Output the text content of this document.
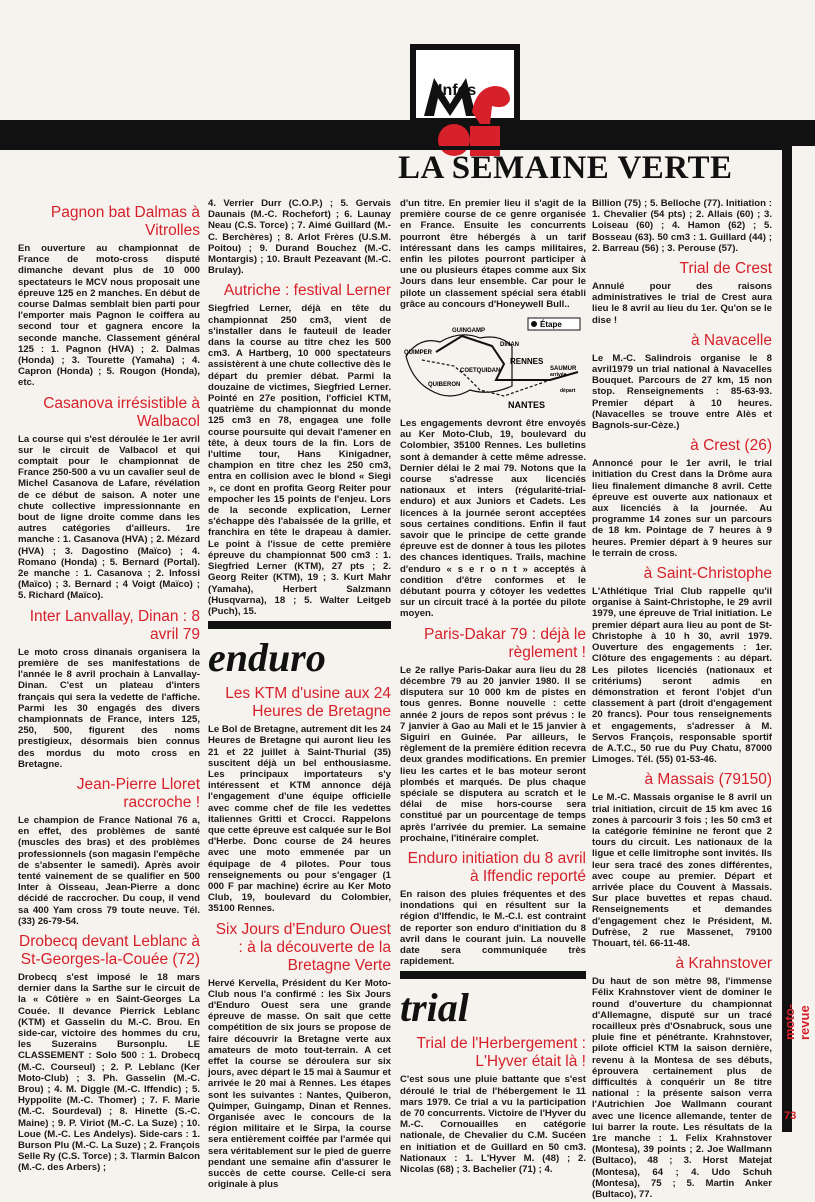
Infos
LA SEMAINE VERTE
Pagnon bat Dalmas à Vitrolles
En ouverture au championnat de France de moto-cross disputé dimanche devant plus de 10 000 spectateurs le MCV nous proposait une épreuve 125 en 2 manches. En début de course Dalmas semblait bien parti pour l'emporter mais Pagnon le coiffera au second tour et gagnera encore la seconde manche. Classement général 125 : 1. Pagnon (HVA) ; 2. Dalmas (Honda) ; 3. Tourette (Yamaha) ; 4. Capron (Honda) ; 5. Rougon (Honda), etc.
Casanova irrésistible à Walbacol
La course qui s'est déroulée le 1er avril sur le circuit de Valbacol et qui comptait pour le championnat de France 250-500 a vu un cavalier seul de Michel Casanova de Lafare, révélation de ce début de saison. A noter une chute collective impressionnante en bout de ligne droite comme dans les autres catégories d'ailleurs. 1re manche : 1. Casanova (HVA) ; 2. Mézard (HVA) ; 3. Dagostino (Maïco) ; 4. Romano (Honda) ; 5. Bernard (Portal). 2e manche : 1. Casanova ; 2. Infossi (Maïco) ; 3. Bernard ; 4 Voigt (Maïco) ; 5. Richard (Maïco).
Inter Lanvallay, Dinan : 8 avril 79
Le moto cross dinanais organisera la première de ses manifestations de l'année le 8 avril prochain à Lanvallay-Dinan. C'est un plateau d'inters français qui sera la vedette de l'affiche. Parmi les 30 engagés des divers championnats de France, inters 125, 250, 500, figurent des noms prestigieux, désormais bien connus des mordus du moto cross en Bretagne.
Jean-Pierre Lloret raccroche !
Le champion de France National 76 a, en effet, des problèmes de santé (muscles des bras) et des problèmes professionnels (son magasin l'empêche de s'absenter le samedi). Après avoir tenté vainement de se qualifier en 500 Inter à Oisseau, Jean-Pierre a donc décidé de raccrocher. Du coup, il vend sa 400 Yam cross 79 toute neuve. Tél. (33) 26-79-54.
Drobecq devant Leblanc à St-Georges-la-Couée (72)
Drobecq s'est imposé le 18 mars dernier dans la Sarthe sur le circuit de la « Côtière » en Saint-Georges La Couée. Il devance Pierrick Leblanc (KTM) et Gasselin du M.-C. Brou. En side-car, victoire des hommes du cru, les Suzerains Bursonplu. LE CLASSEMENT : Solo 500 : 1. Drobecq (M.-C. Courseul) ; 2. P. Leblanc (Ker Moto-Club) ; 3. Ph. Gasselin (M.-C. Brou) ; 4. M. Diggle (M.-C. Iffendic) ; 5. Hyppolite (M.-C. Thomer) ; 7. F. Marie (M.-C. Sourdeval) ; 8. Hinette (S.-C. Maine) ; 9. P. Viriot (M.-C. La Suze) ; 10. Loue (M.-C. Les Andelys). Side-cars : 1. Burson Plu (M.-C. La Suze) ; 2. François Selle Ry (C.S. Torce) ; 3. Tlarmin Balcon (M.-C. des Arbers) ;
4. Verrier Durr (C.O.P.) ; 5. Gervais Daunais (M.-C. Rochefort) ; 6. Launay Neau (C.S. Torce) ; 7. Aimé Guillard (M.-C. Berchères) ; 8. Arlot Frères (U.S.M. Poitou) ; 9. Durand Bouchez (M.-C. Montargis) ; 10. Brault Pezeavant (M.-C. Brulay).
Autriche : festival Lerner
Siegfried Lerner, déjà en tête du championnat 250 cm3, vient de s'installer dans le fauteuil de leader dans la course au titre chez les 500 cm3. A Hartberg, 10 000 spectateurs assistèrent à une chute collective dès le départ du premier débat. Parmi la douzaine de victimes, Siegfried Lerner. Pointé en 27e position, l'officiel KTM, quatrième du championnat du monde 125 cm3 en 78, engagea une folle course poursuite qui devait l'amener en tête, à deux tours de la fin. Lors de l'ultime tour, Hans Kinigadner, champion en titre chez les 250 cm3, entra en collision avec le blond « Siegi », ce dont en profita Georg Reiter pour empocher les 15 points de l'enjeu. Lors de la seconde explication, Lerner s'échappe dès l'abaissée de la grille, et franchira en tête le drapeau à damier. Le point à l'issue de cette première épreuve du championnat 500 cm3 : 1. Siegfried Lerner (KTM), 27 pts ; 2. Georg Reiter (KTM), 19 ; 3. Kurt Mahr (Yamaha), Herbert Salzmann (Husqvarna), 18 ; 5. Walter Leitgeb (Puch), 15.
enduro
Les KTM d'usine aux 24 Heures de Bretagne
Le Bol de Bretagne, autrement dit les 24 Heures de Bretagne qui auront lieu les 21 et 22 juillet à Saint-Thurial (35) suscitent déjà un bel enthousiasme. Les principaux importateurs s'y intéressent et KTM annonce déjà l'engagement d'une équipe officielle avec comme chef de file les vedettes italiennes Gritti et Crocci. Rappelons que cette épreuve est calquée sur le Bol d'Herbe. Donc course de 24 heures avec une moto emmenée par un équipage de 4 pilotes. Pour tous renseignements ou pour s'engager (1 000 F par machine) écrire au Ker Moto Club, 19, boulevard du Colombier, 35100 Rennes.
Six Jours d'Enduro Ouest : à la découverte de la Bretagne Verte
Hervé Kervella, Président du Ker Moto-Club nous l'a confirmé : les Six Jours d'Enduro Ouest sera une grande épreuve de masse. On sait que cette compétition de six jours se propose de faire découvrir la Bretagne verte aux amateurs de moto tout-terrain. A cet effet la course se déroulera sur six jours, avec départ le 15 mai à Saumur et arrivée le 20 mai à Rennes. Les étapes sont les suivantes : Nantes, Quiberon, Quimper, Guingamp, Dinan et Rennes. Organisée avec le concours de la région militaire et le Sirpa, la course sera entièrement coiffée par l'armée qui sera véritablement sur le pied de guerre pendant une semaine afin d'assurer le succès de cette course. Celle-ci sera originale à plus
d'un titre. En premier lieu il s'agit de la première course de ce genre organisée en France. Ensuite les concurrents pourront être hébergés à un tarif intéressant dans les camps militaires, enfin les pilotes pourront participer à une ou plusieurs étapes comme aux Six Jours dans leur ensemble. Car pour le pilote un classement spécial sera établi grâce au concours d'Honeywell Bull..
Étape
GUINGAMP
DINAN
QUIMPER
RENNES
arrivée
COETQUIDAN
QUIBERON
NANTES
SAUMUR
départ
Les engagements devront être envoyés au Ker Moto-Club, 19, boulevard du Colombier, 35100 Rennes. Les bulletins sont à demander à cette même adresse. Dernier délai le 2 mai 79. Notons que la course s'adresse aux licenciés nationaux et inters (régularité-trial-enduro) et aux Juniors et Cadets. Les licences à la journée seront acceptées sous certaines conditions. Enfin il faut savoir que le principe de cette grande épreuve est de donner à tous les pilotes des chances identiques. Trails, machine d'enduro « s e r o n t » acceptés à condition d'être conformes et le débutant pourra y côtoyer les vedettes sur un circuit tracé à la portée du pilote moyen.
Paris-Dakar 79 : déjà le règlement !
Le 2e rallye Paris-Dakar aura lieu du 28 décembre 79 au 20 janvier 1980. Il se disputera sur 10 000 km de pistes en tous genres. Bonne nouvelle : cette année 2 jours de repos sont prévus : le 7 janvier à Gao au Mali et le 15 janvier à Siguiri en Guinée. Par ailleurs, le règlement de la première édition recevra deux grandes modifications. En premier lieu les cartes et le bas moteur seront plombés et marqués. De plus chaque spéciale se disputera au scratch et le délai de mise hors-course sera constitué par un pourcentage de temps après l'arrivée du premier. La semaine prochaine, l'itinéraire complet.
Enduro initiation du 8 avril à Iffendic reporté
En raison des pluies fréquentes et des inondations qui en résultent sur la région d'Iffendic, le M.-C.I. est contraint de reporter son enduro d'initiation du 8 avril dans le courant juin. La nouvelle date sera communiquée très rapidement.
trial
Trial de l'Herbergement : L'Hyver était là !
C'est sous une pluie battante que s'est déroulé le trial de l'hébergement le 11 mars 1979. Ce trial a vu la participation de 70 concurrents. Victoire de l'Hyver du M.-C. Cornouailles en catégorie nationale, de Chevalier du C.M. Sucéen en initiation et de Guillard en 50 cm3. Nationaux : 1. L'Hyver M. (48) ; 2. Nicolas (68) ; 3. Bachelier (71) ; 4.
Billion (75) ; 5. Belloche (77). Initiation : 1. Chevalier (54 pts) ; 2. Allais (60) ; 3. Loiseau (60) ; 4. Hamon (62) ; 5. Bosseau (63). 50 cm3 : 1. Guillard (44) ; 2. Barreau (56) ; 3. Perouse (57).
Trial de Crest
Annulé pour des raisons administratives le trial de Crest aura lieu le 8 avril au lieu du 1er. Qu'on se le dise !
à Navacelle
Le M.-C. Salindrois organise le 8 avril1979 un trial national à Navacelles Bouquet. Parcours de 27 km, 15 non stop. Renseignements : 85-63-93. Premier départ à 10 heures. (Navacelles se trouve entre Alès et Bagnols-sur-Cèze.)
à Crest (26)
Annoncé pour le 1er avril, le trial initiation du Crest dans la Drôme aura lieu finalement dimanche 8 avril. Cette épreuve est ouverte aux nationaux et aux licenciés à la journée. Au programme 14 zones sur un parcours de 18 km. Pointage de 7 heures à 9 heures. Premier départ à 9 heures sur le terrain de cross.
à Saint-Christophe
L'Athlétique Trial Club rappelle qu'il organise à Saint-Christophe, le 29 avril 1979, une épreuve de Trial initiation. Le premier départ aura lieu au pont de St-Christophe à 10 h 30, avril 1979. Ouverture des engagements : 1er. Clôture des engagements : au départ. Les pilotes licenciés (nationaux et critériums) seront admis en démonstration et feront l'objet d'un classement à part (droit d'engagement 20 francs). Pour tous renseignements et engagements, s'adresser à M. Servos François, responsable sportif de A.T.C., 50 rue du Puy Chatu, 87000 Limoges. Tél. (55) 01-53-46.
à Massais (79150)
Le M.-C. Massais organise le 8 avril un trial initiation, circuit de 15 km avec 16 zones à parcourir 3 fois ; les 50 cm3 et la catégorie féminine ne feront que 2 tours du circuit. Les nationaux de la ligue et celle limitrophe sont invités. Ils leur sera tracé des zones différentes, avec coupe au premier. Départ et arrivée place du Couvent à Massais. Sur place buvettes et repas chaud. Renseignements et demandes d'engagement chez le Président, M. Dufrèse, 2 rue Massenet, 79100 Thouart, tél. 66-11-48.
à Krahnstover
Du haut de son mètre 98, l'immense Félix Krahnstover vient de dominer le round d'ouverture du championnat d'Allemagne, disputé sur un tracé rocailleux près d'Osnabruck, sous une pluie fine et pénétrante. Krahnstover, pilote officiel KTM la saison dernière, revenu à la Montesa de ses débuts, éprouvera certainement plus de difficultés à conquérir un 8e titre national : la présente saison verra l'Autrichien Joe Wallmann courant avec une licence allemande, tenter de lui barrer la route. Les résultats de la 1re manche : 1. Felix Krahnstover (Montesa), 39 points ; 2. Joe Wallmann (Bultaco), 48 ; 3. Horst Matejat (Montesa), 64 ; 4. Udo Schuh (Montesa), 75 ; 5. Martin Anker (Bultaco), 77.
moto-revue
73
